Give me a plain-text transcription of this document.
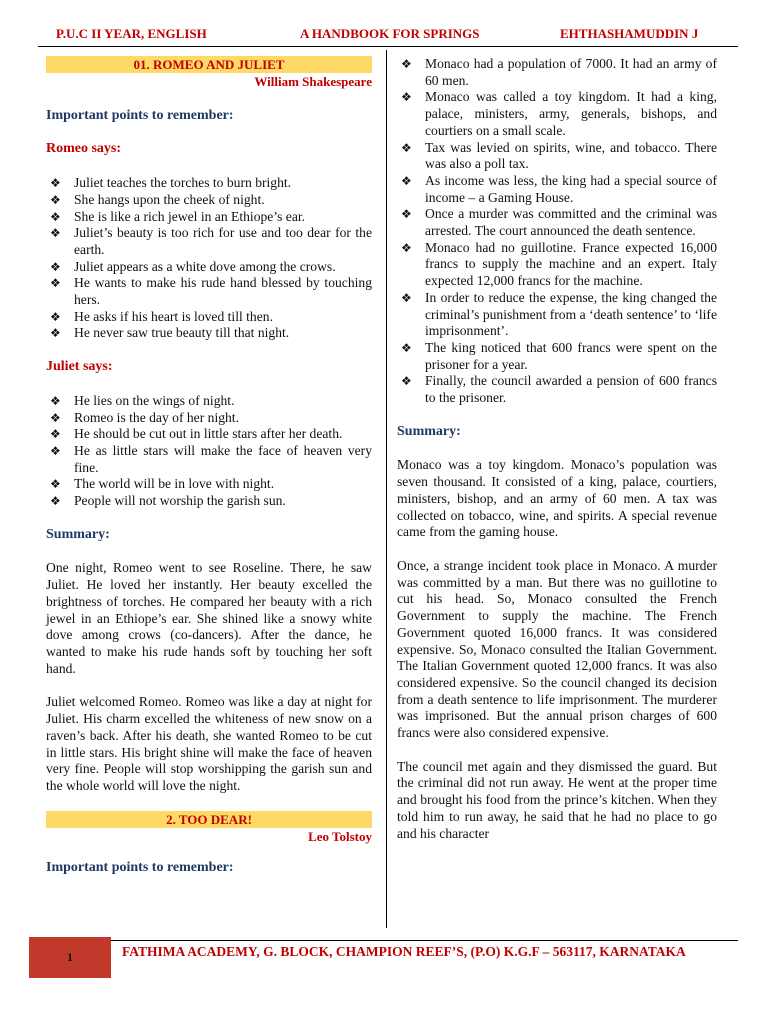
P.U.C II YEAR, ENGLISH	A HANDBOOK FOR SPRINGS	EHTHASHAMUDDIN J
01. ROMEO AND JULIET
William Shakespeare
Important points to remember:
Romeo says:
❖ Juliet teaches the torches to burn bright.
❖ She hangs upon the cheek of night.
❖ She is like a rich jewel in an Ethiope’s ear.
❖ Juliet’s beauty is too rich for use and too dear for the earth.
❖ Juliet appears as a white dove among the crows.
❖ He wants to make his rude hand blessed by touching hers.
❖ He asks if his heart is loved till then.
❖ He never saw true beauty till that night.
Juliet says:
❖ He lies on the wings of night.
❖ Romeo is the day of her night.
❖ He should be cut out in little stars after her death.
❖ He as little stars will make the face of heaven very fine.
❖ The world will be in love with night.
❖ People will not worship the garish sun.
Summary:

One night, Romeo went to see Roseline. There, he saw Juliet. He loved her instantly. Her beauty excelled the brightness of torches. He compared her beauty with a rich jewel in an Ethiope’s ear. She shined like a snowy white dove among crows (co-dancers). After the dance, he wanted to make his rude hands soft by touching her soft hand.

Juliet welcomed Romeo. Romeo was like a day at night for Juliet. His charm excelled the whiteness of new snow on a raven’s back. After his death, she wanted Romeo to be cut in little stars. His bright shine will make the face of heaven very fine. People will stop worshipping the garish sun and the whole world will love the night.

2. TOO DEAR!
Leo Tolstoy
Important points to remember:
❖ Monaco had a population of 7000. It had an army of 60 men.
❖ Monaco was called a toy kingdom. It had a king, palace, ministers, army, generals, bishops, and courtiers on a small scale.
❖ Tax was levied on spirits, wine, and tobacco. There was also a poll tax.
❖ As income was less, the king had a special source of income – a Gaming House.
❖ Once a murder was committed and the criminal was arrested. The court announced the death sentence.
❖ Monaco had no guillotine. France expected 16,000 francs to supply the machine and an expert. Italy expected 12,000 francs for the machine.
❖ In order to reduce the expense, the king changed the criminal’s punishment from a ‘death sentence’ to ‘life imprisonment’.
❖ The king noticed that 600 francs were spent on the prisoner for a year.
❖ Finally, the council awarded a pension of 600 francs to the prisoner.
Summary:

Monaco was a toy kingdom. Monaco’s population was seven thousand. It consisted of a king, palace, courtiers, ministers, bishop, and an army of 60 men. A tax was collected on tobacco, wine, and spirits. A special revenue came from the gaming house.

Once, a strange incident took place in Monaco. A murder was committed by a man. But there was no guillotine to cut his head. So, Monaco consulted the French Government to supply the machine. The French Government quoted 16,000 francs. It was considered expensive. So, Monaco consulted the Italian Government. The Italian Government quoted 12,000 francs. It was also considered expensive. So the council changed its decision from a death sentence to life imprisonment. The murderer was imprisoned. But the annual prison charges of 600 francs were also considered expensive.

The council met again and they dismissed the guard. But the criminal did not run away. He went at the proper time and brought his food from the prince’s kitchen. When they told him to run away, he said that he had no place to go and his character

1	FATHIMA ACADEMY, G. BLOCK, CHAMPION REEF’S, (P.O) K.G.F – 563117, KARNATAKA
